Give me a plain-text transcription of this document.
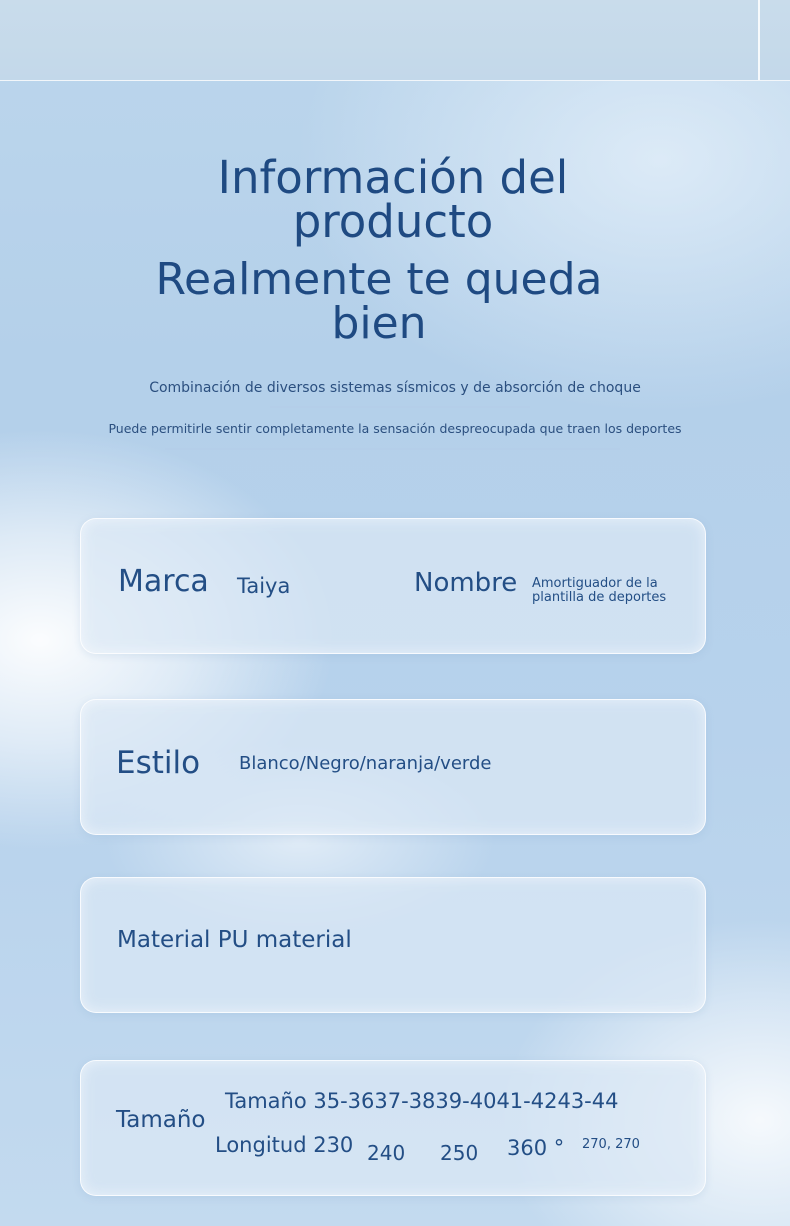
Información del
producto
Realmente te queda
bien

Combinación de diversos sistemas sísmicos y de absorción de choque

Puede permitirle sentir completamente la sensación despreocupada que traen los deportes

Marca Taiya	Nombre Amortiguador de la
plantilla de deportes
Estilo Blanco/Negro/naranja/verde
Material PU material
Tamaño
Tamaño 35-3637-3839-4041-4243-44
Longitud 230 240 250 360 ° 270, 270
